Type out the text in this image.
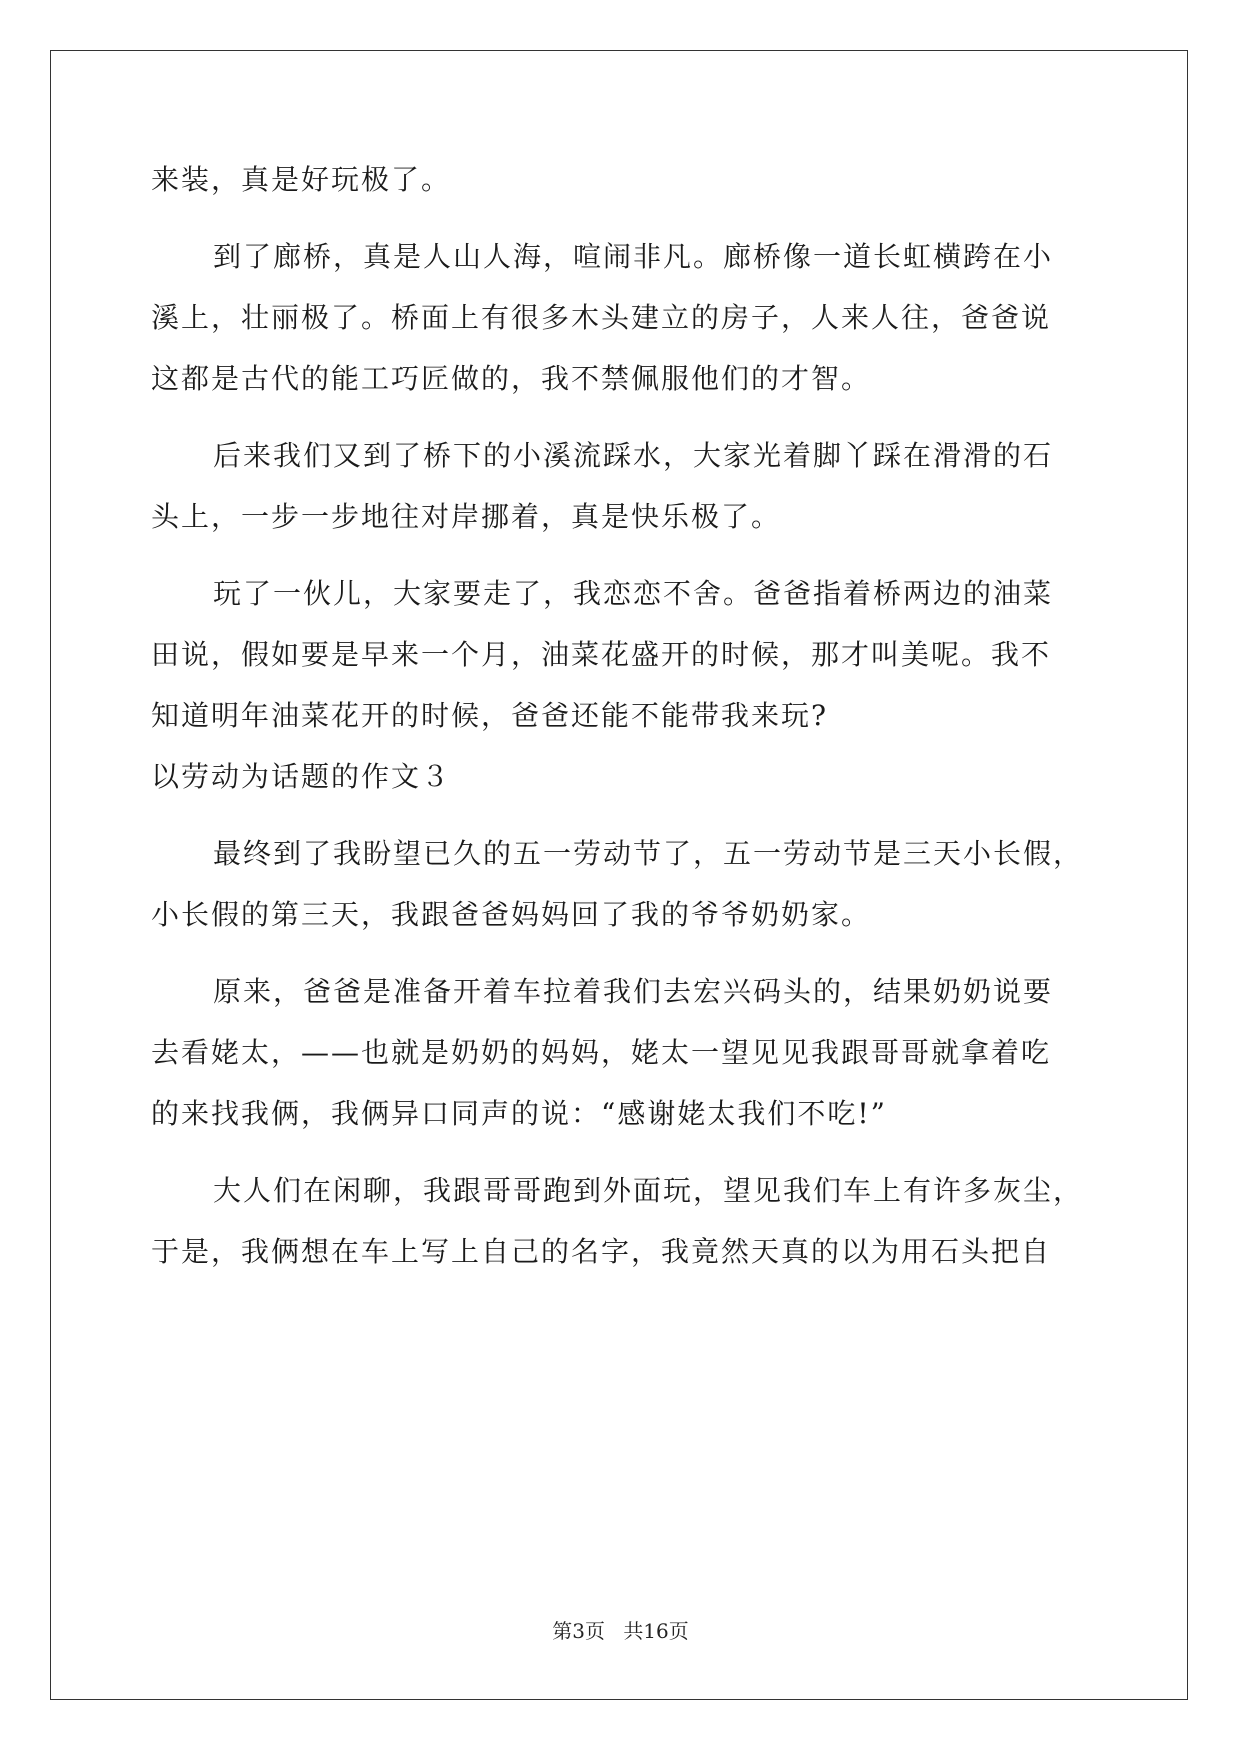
来装，真是好玩极了。
到了廊桥，真是人山人海，喧闹非凡。廊桥像一道长虹横跨在小
溪上，壮丽极了。桥面上有很多木头建立的房子，人来人往，爸爸说
这都是古代的能工巧匠做的，我不禁佩服他们的才智。
后来我们又到了桥下的小溪流踩水，大家光着脚丫踩在滑滑的石
头上，一步一步地往对岸挪着，真是快乐极了。
玩了一伙儿，大家要走了，我恋恋不舍。爸爸指着桥两边的油菜
田说，假如要是早来一个月，油菜花盛开的时候，那才叫美呢。我不
知道明年油菜花开的时候，爸爸还能不能带我来玩?
以劳动为话题的作文３
最终到了我盼望已久的五一劳动节了，五一劳动节是三天小长假，
小长假的第三天，我跟爸爸妈妈回了我的爷爷奶奶家。
原来，爸爸是准备开着车拉着我们去宏兴码头的，结果奶奶说要
去看姥太，——也就是奶奶的妈妈，姥太一望见见我跟哥哥就拿着吃
的来找我俩，我俩异口同声的说：“感谢姥太我们不吃!”
大人们在闲聊，我跟哥哥跑到外面玩，望见我们车上有许多灰尘，
于是，我俩想在车上写上自己的名字，我竟然天真的以为用石头把自
第3页 共16页
